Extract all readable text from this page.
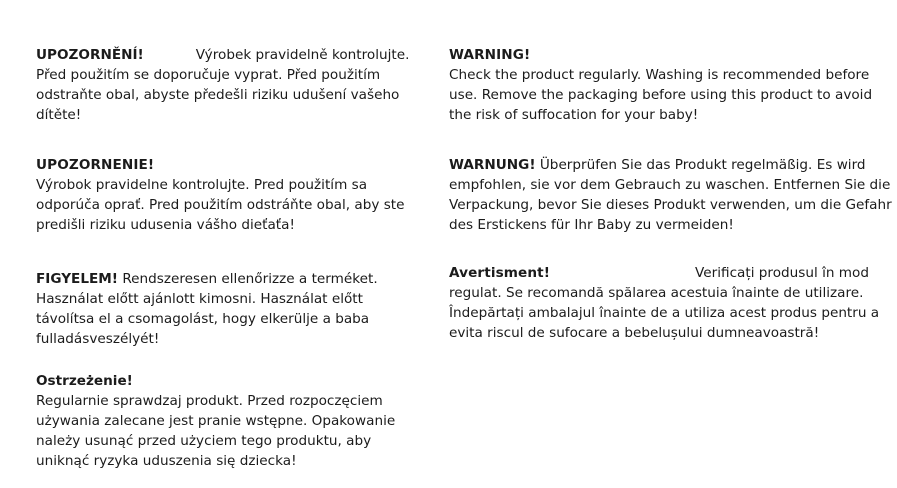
UPOZORNĚNÍ!	Výrobek pravidelně kontrolujte. Před použitím se doporučuje vyprat. Před použitím odstraňte obal, abyste předešli riziku udušení vašeho dítěte!

UPOZORNENIE!

Výrobok pravidelne kontrolujte. Pred použitím sa odporúča oprať. Pred použitím odstráňte obal, aby ste predišli riziku udusenia vášho dieťaťa!

FIGYELEM! Rendszeresen ellenőrizze a terméket. Használat előtt ajánlott kimosni. Használat előtt távolítsa el a csomagolást, hogy elkerülje a baba fulladásveszélyét!

Ostrzeżenie!

Regularnie sprawdzaj produkt. Przed rozpoczęciem używania zalecane jest pranie wstępne. Opakowanie należy usunąć przed użyciem tego produktu, aby uniknąć ryzyka uduszenia się dziecka!

WARNING!

Check the product regularly. Washing is recommended before use. Remove the packaging before using this product to avoid the risk of suffocation for your baby!

WARNUNG! Überprüfen Sie das Produkt regelmäßig. Es wird empfohlen, sie vor dem Gebrauch zu waschen. Entfernen Sie die Verpackung, bevor Sie dieses Produkt verwenden, um die Gefahr des Erstickens für Ihr Baby zu vermeiden!

Avertisment!	Verificați produsul în mod regulat. Se recomandă spălarea acestuia înainte de utilizare. Îndepărtați ambalajul înainte de a utiliza acest produs pentru a evita riscul de sufocare a bebelușului dumneavoastră!
